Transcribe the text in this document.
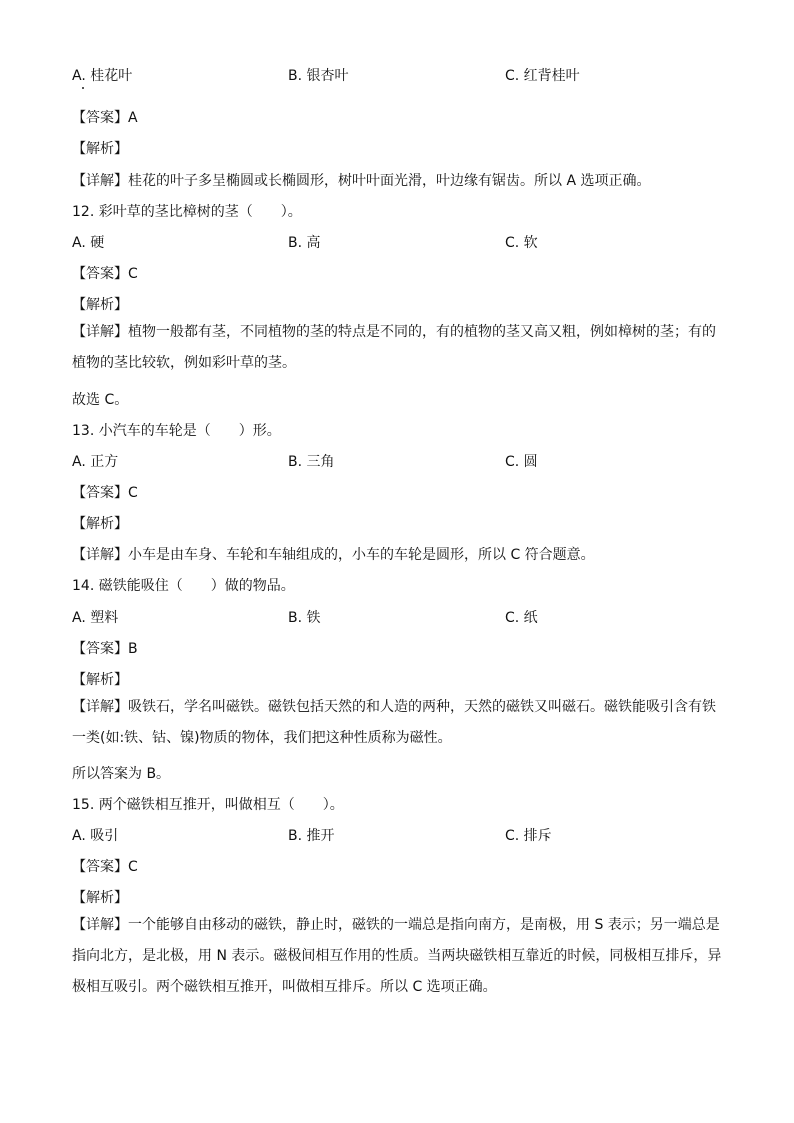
A. 桂花叶	B. 银杏叶	C. 红背桂叶
【答案】A
【解析】
【详解】桂花的叶子多呈椭圆或长椭圆形，树叶叶面光滑，叶边缘有锯齿。所以 A 选项正确。
12. 彩叶草的茎比樟树的茎（　　）。
A. 硬	B. 高	C. 软
【答案】C
【解析】
【详解】植物一般都有茎，不同植物的茎的特点是不同的，有的植物的茎又高又粗，例如樟树的茎；有的
植物的茎比较软，例如彩叶草的茎。
故选 C。
13. 小汽车的车轮是（　　）形。
A. 正方	B. 三角	C. 圆
【答案】C
【解析】
【详解】小车是由车身、车轮和车轴组成的，小车的车轮是圆形，所以 C 符合题意。
14. 磁铁能吸住（　　）做的物品。
A. 塑料	B. 铁	C. 纸
【答案】B
【解析】
【详解】吸铁石，学名叫磁铁。磁铁包括天然的和人造的两种，天然的磁铁又叫磁石。磁铁能吸引含有铁
一类(如:铁、钴、镍)物质的物体，我们把这种性质称为磁性。
所以答案为 B。
15. 两个磁铁相互推开，叫做相互（　　）。
A. 吸引	B. 推开	C. 排斥
【答案】C
【解析】
【详解】一个能够自由移动的磁铁，静止时，磁铁的一端总是指向南方，是南极，用 S 表示；另一端总是
指向北方，是北极，用 N 表示。磁极间相互作用的性质。当两块磁铁相互靠近的时候，同极相互排斥，异
极相互吸引。两个磁铁相互推开，叫做相互排斥。所以 C 选项正确。
